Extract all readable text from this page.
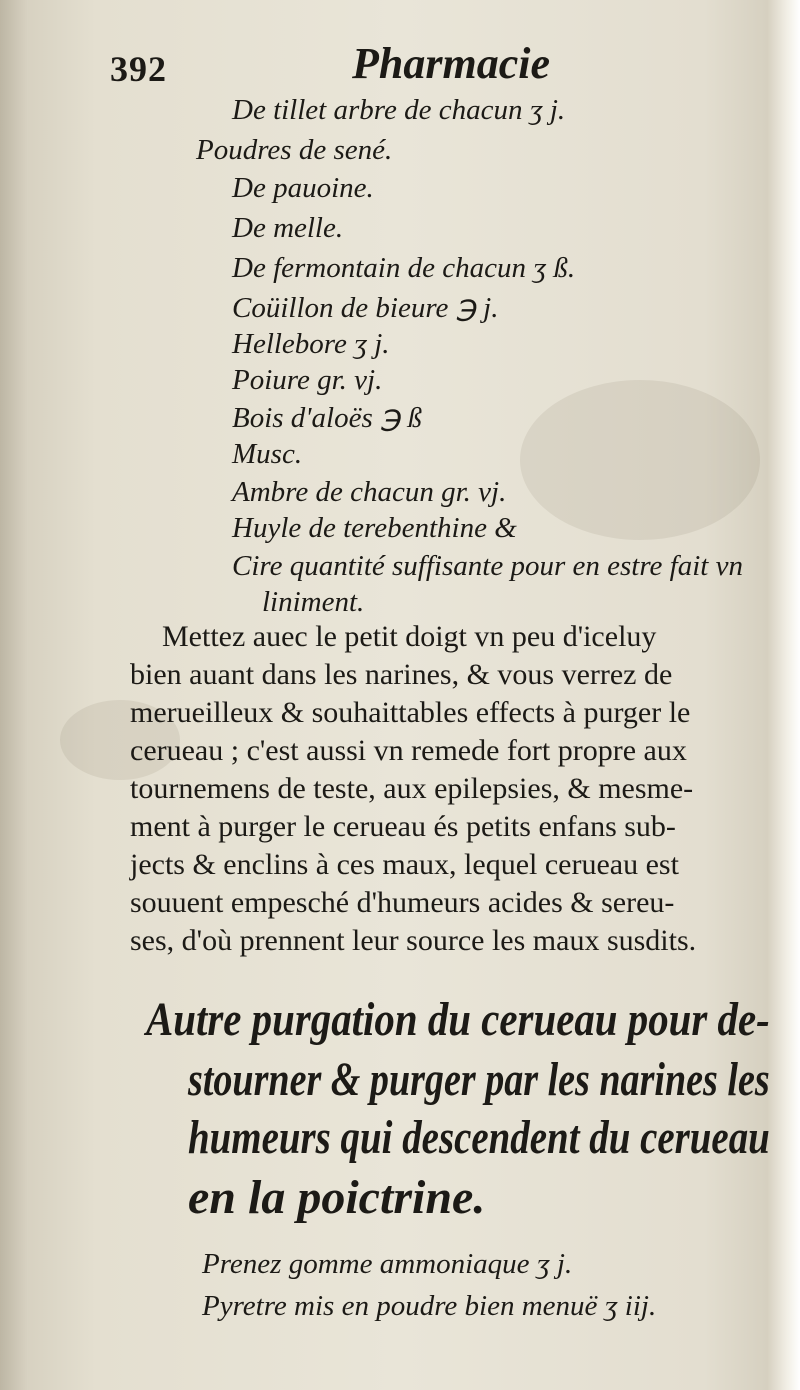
392	Pharmacie
De tillet arbre de chacun ʒ j.
Poudres de sené.
De pauoine.
De melle.
De fermontain de chacun ʒ ß.
Coüillon de bieure ℈ j.
Hellebore ʒ j.
Poiure gr. vj.
Bois d'aloës ℈ ß
Musc.
Ambre de chacun gr. vj.
Huyle de terebenthine &
Cire quantité suffisante pour en estre fait vn
liniment.
Mettez auec le petit doigt vn peu d'iceluy
bien auant dans les narines, & vous verrez de
merueilleux & souhaittables effects à purger le
cerueau ; c'est aussi vn remede fort propre aux
tournemens de teste, aux epilepsies, & mesme-
ment à purger le cerueau és petits enfans sub-
jects & enclins à ces maux, lequel cerueau est
souuent empesché d'humeurs acides & sereu-
ses, d'où prennent leur source les maux susdits.
Autre purgation du cerueau pour de-
stourner & purger par les narines les
humeurs qui descendent du cerueau
en la poictrine.
Prenez gomme ammoniaque ʒ j.
Pyretre mis en poudre bien menuë ʒ iij.
